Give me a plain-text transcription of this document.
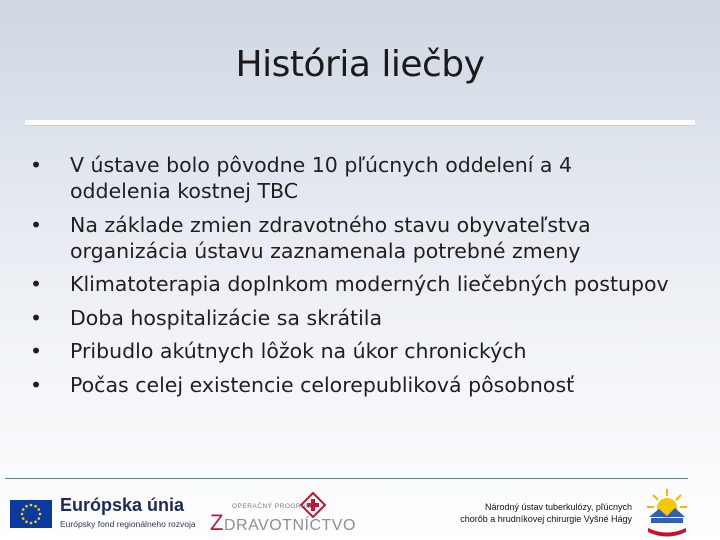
História liečby
•	V ústave bolo pôvodne 10 pľúcnych oddelení a 4 oddelenia kostnej TBC
•	Na základe zmien zdravotného stavu obyvateľstva organizácia ústavu zaznamenala potrebné zmeny
•	Klimatoterapia doplnkom moderných liečebných postupov
•	Doba hospitalizácie sa skrátila
•	Pribudlo akútnych lôžok na úkor chronických
•	Počas celej existencie celorepubliková pôsobnosť
Európska únia
Európsky fond regionálneho rozvoja
OPERAČNÝ PROGRAM
ZDRAVOTNÍCTVO
Národný ústav tuberkulózy, pľúcnych
chorôb a hrudníkovej chirurgie Vyšné Hágy
